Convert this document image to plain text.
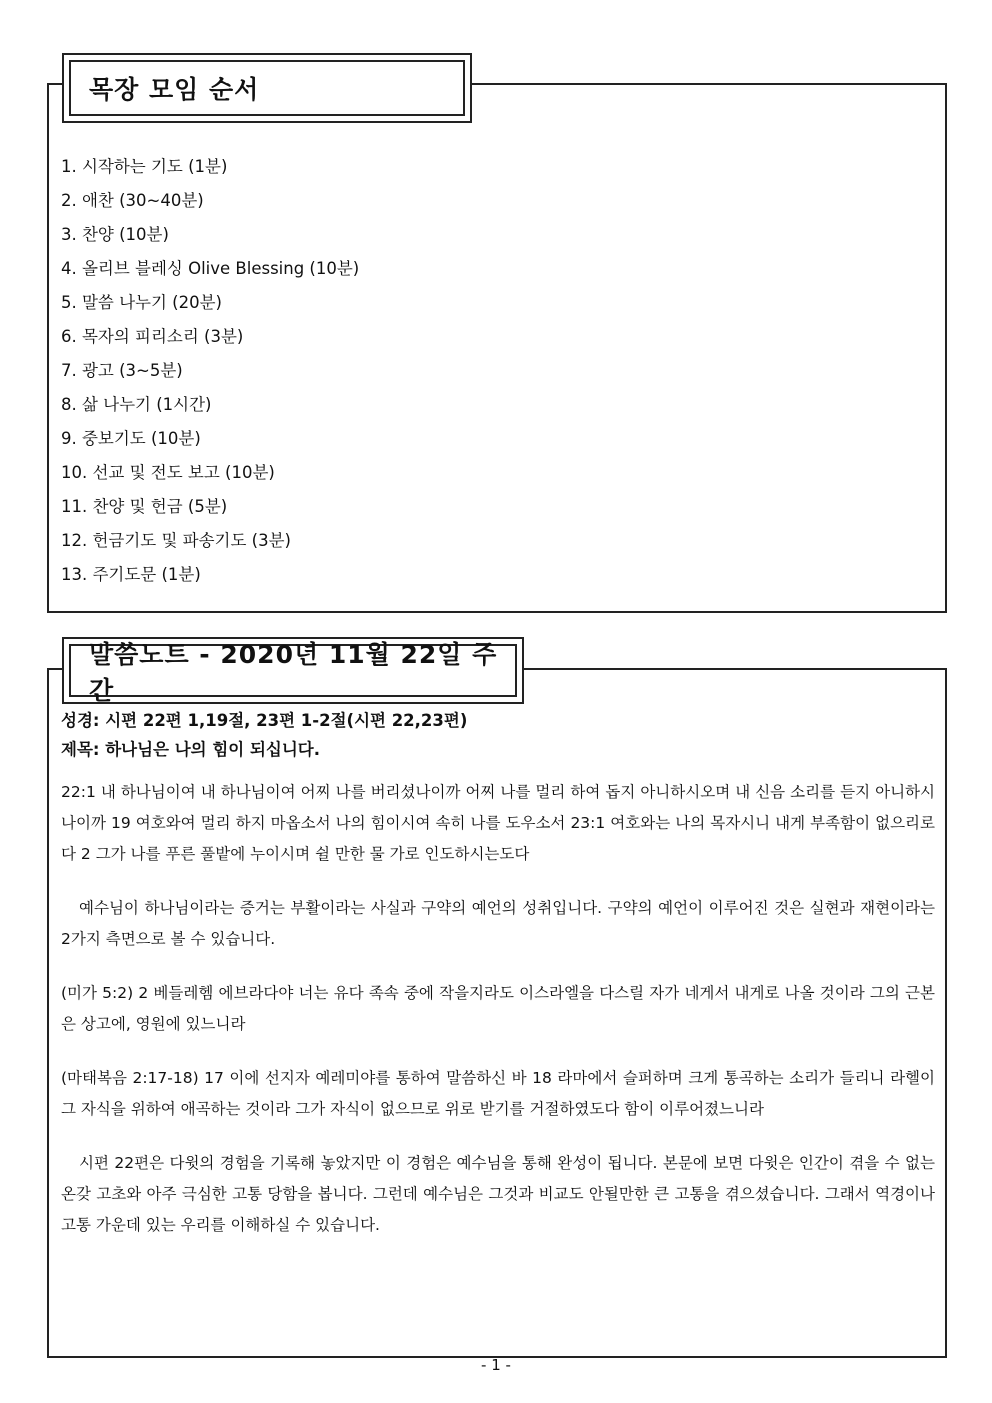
목장 모임 순서
1. 시작하는 기도 (1분)
2. 애찬 (30~40분)
3. 찬양 (10분)
4. 올리브 블레싱 Olive Blessing (10분)
5. 말씀 나누기 (20분)
6. 목자의 피리소리 (3분)
7. 광고 (3~5분)
8. 삶 나누기 (1시간)
9. 중보기도 (10분)
10. 선교 및 전도 보고 (10분)
11. 찬양 및 헌금 (5분)
12. 헌금기도 및 파송기도 (3분)
13. 주기도문 (1분)
말씀노트 - 2020년 11월 22일 주간
성경: 시편 22편 1,19절, 23편 1-2절(시편 22,23편)
제목: 하나님은 나의 힘이 되십니다.

22:1 내 하나님이여 내 하나님이여 어찌 나를 버리셨나이까 어찌 나를 멀리 하여 돕지 아니하시오며 내 신음 소리를 듣지 아니하시나이까 19 여호와여 멀리 하지 마옵소서 나의 힘이시여 속히 나를 도우소서 23:1 여호와는 나의 목자시니 내게 부족함이 없으리로다 2 그가 나를 푸른 풀밭에 누이시며 쉴 만한 물 가로 인도하시는도다

예수님이 하나님이라는 증거는 부활이라는 사실과 구약의 예언의 성취입니다. 구약의 예언이 이루어진 것은 실현과 재현이라는 2가지 측면으로 볼 수 있습니다.

(미가 5:2) 2 베들레헴 에브라다야 너는 유다 족속 중에 작을지라도 이스라엘을 다스릴 자가 네게서 내게로 나올 것이라 그의 근본은 상고에, 영원에 있느니라

(마태복음 2:17-18) 17 이에 선지자 예레미야를 통하여 말씀하신 바 18 라마에서 슬퍼하며 크게 통곡하는 소리가 들리니 라헬이 그 자식을 위하여 애곡하는 것이라 그가 자식이 없으므로 위로 받기를 거절하였도다 함이 이루어졌느니라

시편 22편은 다윗의 경험을 기록해 놓았지만 이 경험은 예수님을 통해 완성이 됩니다. 본문에 보면 다윗은 인간이 겪을 수 없는 온갖 고초와 아주 극심한 고통 당함을 봅니다. 그런데 예수님은 그것과 비교도 안될만한 큰 고통을 겪으셨습니다. 그래서 역경이나 고통 가운데 있는 우리를 이해하실 수 있습니다.

- 1 -
